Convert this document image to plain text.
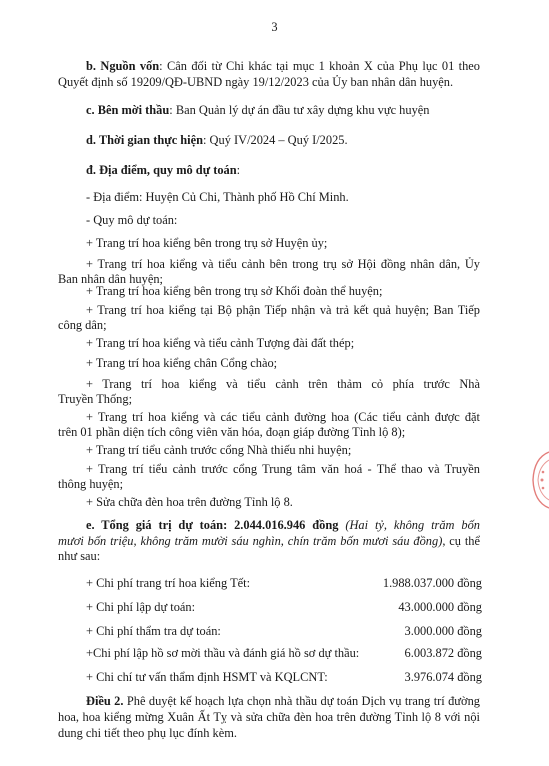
3
b. Nguồn vốn: Cân đối từ Chi khác tại mục 1 khoản X của Phụ lục 01 theo
Quyết định số 19209/QĐ-UBND ngày 19/12/2023 của Ủy ban nhân dân huyện.
c. Bên mời thầu: Ban Quản lý dự án đầu tư xây dựng khu vực huyện
d. Thời gian thực hiện: Quý IV/2024 – Quý I/2025.
đ. Địa điểm, quy mô dự toán:
- Địa điểm: Huyện Củ Chi, Thành phố Hồ Chí Minh.
- Quy mô dự toán:
+ Trang trí hoa kiểng bên trong trụ sở Huyện ủy;
+ Trang trí hoa kiểng và tiểu cảnh bên trong trụ sở Hội đồng nhân dân, Ủy
Ban nhân dân huyện;
+ Trang trí hoa kiểng bên trong trụ sở Khối đoàn thể huyện;
+ Trang trí hoa kiểng tại Bộ phận Tiếp nhận và trả kết quả huyện; Ban Tiếp
công dân;
+ Trang trí hoa kiểng và tiểu cảnh Tượng đài đất thép;
+ Trang trí hoa kiểng chân Cổng chào;
+ Trang trí hoa kiểng và tiểu cảnh trên thảm cỏ phía trước Nhà
Truyền Thống;
+ Trang trí hoa kiểng và các tiểu cảnh đường hoa (Các tiểu cảnh được đặt
trên 01 phần diện tích công viên văn hóa, đoạn giáp đường Tỉnh lộ 8);
+ Trang trí tiểu cảnh trước cổng Nhà thiếu nhi huyện;
+ Trang trí tiểu cảnh trước cổng Trung tâm văn hoá - Thể thao và Truyền
thông huyện;
+ Sửa chữa đèn hoa trên đường Tỉnh lộ 8.
e. Tổng giá trị dự toán: 2.044.016.946 đồng (Hai tỷ, không trăm bốn
mươi bốn triệu, không trăm mười sáu nghìn, chín trăm bốn mươi sáu đồng), cụ thể
như sau:
+ Chi phí trang trí hoa kiểng Tết:	1.988.037.000 đồng
+ Chi phí lập dự toán:	43.000.000 đồng
+ Chi phí thẩm tra dự toán:	3.000.000 đồng
+Chi phí lập hồ sơ mời thầu và đánh giá hồ sơ dự thầu:	6.003.872 đồng
+ Chi chí tư vấn thẩm định HSMT và KQLCNT:	3.976.074 đồng
Điều 2. Phê duyệt kế hoạch lựa chọn nhà thầu dự toán Dịch vụ trang trí đường
hoa, hoa kiểng mừng Xuân Ất Tỵ và sửa chữa đèn hoa trên đường Tỉnh lộ 8 với nội
dung chi tiết theo phụ lục đính kèm.
